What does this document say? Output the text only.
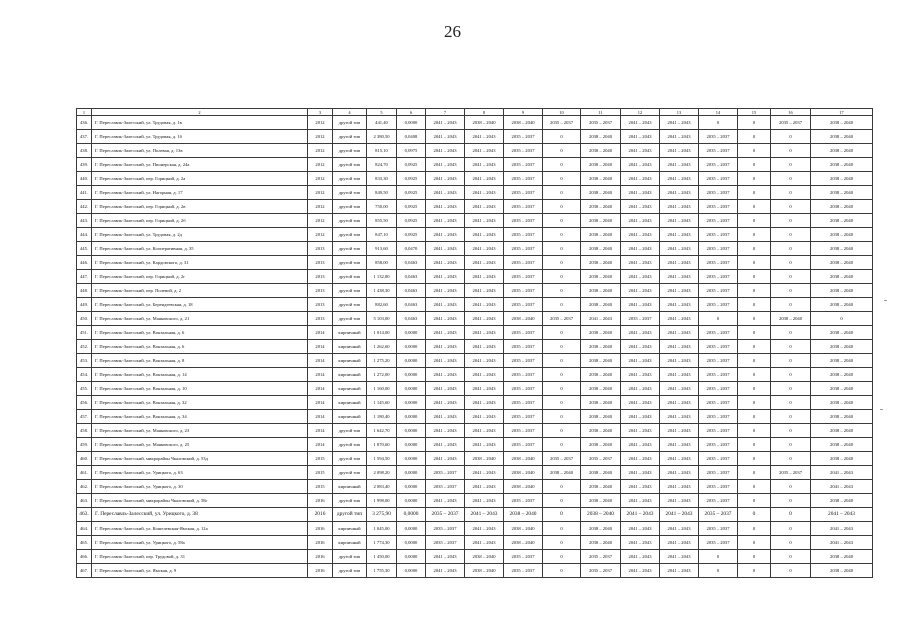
26
1	2	3	4	5	6	7	8	9	10	11	12	13	14	15	16	17
436.	Г. Переславль-Залесский, ул. Трудовая, д. 1в	2012	другой тип	441,40	0,0000	2041 – 2043	2038 – 2040	2038 – 2040	2035 – 2037	2035 – 2037	2041 – 2043	2041 – 2043	0	0	2035 – 2037	2038 – 2040
437.	Г. Переславль-Залесский, ул. Трудовая, д. 1б	2012	другой тип	2 380,50	0,0408	2041 – 2043	2041 – 2043	2035 – 2037	0	2038 – 2040	2041 – 2043	2041 – 2043	2035 – 2037	0	0	2038 – 2040
438.	Г. Переславль-Залесский, ул. Полевая, д. 13в	2012	другой тип	815,10	0,0975	2041 – 2043	2041 – 2043	2035 – 2037	0	2038 – 2040	2041 – 2043	2041 – 2043	2035 – 2037	0	0	2038 – 2040
439.	Г. Переславль-Залесский, ул. Пионерская, д. 24а	2012	другой тип	824,70	0,0925	2041 – 2043	2041 – 2043	2035 – 2037	0	2038 – 2040	2041 – 2043	2041 – 2043	2035 – 2037	0	0	2038 – 2040
440.	Г. Переславль-Залесский, пер. Горицкий, д. 2а	2012	другой тип	833,30	0,0925	2041 – 2043	2041 – 2043	2035 – 2037	0	2038 – 2040	2041 – 2043	2041 – 2043	2035 – 2037	0	0	2038 – 2040
441.	Г. Переславль-Залесский, ул. Нагорная, д. 17	2012	другой тип	849,50	0,0925	2041 – 2043	2041 – 2043	2035 – 2037	0	2038 – 2040	2041 – 2043	2041 – 2043	2035 – 2037	0	0	2038 – 2040
442.	Г. Переславль-Залесский, пер. Горицкий, д. 2в	2012	другой тип	750,00	0,0925	2041 – 2043	2041 – 2043	2035 – 2037	0	2038 – 2040	2041 – 2043	2041 – 2043	2035 – 2037	0	0	2038 – 2040
443.	Г. Переславль-Залесский, пер. Горицкий, д. 2б	2012	другой тип	855,50	0,0925	2041 – 2043	2041 – 2043	2035 – 2037	0	2038 – 2040	2041 – 2043	2041 – 2043	2035 – 2037	0	0	2038 – 2040
444.	Г. Переславль-Залесский, ул. Трудовая, д. 2д	2012	другой тип	847,10	0,0925	2041 – 2043	2041 – 2043	2035 – 2037	0	2038 – 2040	2041 – 2043	2041 – 2043	2035 – 2037	0	0	2038 – 2040
445.	Г. Переславль-Залесский, ул. Кооперативная, д. 35	2013	другой тип	913,60	0,0470	2041 – 2043	2041 – 2043	2035 – 2037	0	2038 – 2040	2041 – 2043	2041 – 2043	2035 – 2037	0	0	2038 – 2040
446.	Г. Переславль-Залесский, ул. Кардовского, д. 31	2013	другой тип	858,00	0,0463	2041 – 2043	2041 – 2043	2035 – 2037	0	2038 – 2040	2041 – 2043	2041 – 2043	2035 – 2037	0	0	2038 – 2040
447.	Г. Переславль-Залесский, пер. Горицкий, д. 2г	2013	другой тип	1 132,80	0,0463	2041 – 2043	2041 – 2043	2035 – 2037	0	2038 – 2040	2041 – 2043	2041 – 2043	2035 – 2037	0	0	2038 – 2040
448.	Г. Переславль-Залесский, пер. Полевой, д. 2	2013	другой тип	1 438,30	0,0463	2041 – 2043	2041 – 2043	2035 – 2037	0	2038 – 2040	2041 – 2043	2041 – 2043	2035 – 2037	0	0	2038 – 2040
449.	Г. Переславль-Залесский, ул. Берендеевская, д. 18	2013	другой тип	882,60	0,0463	2041 – 2043	2041 – 2043	2035 – 2037	0	2038 – 2040	2041 – 2043	2041 – 2043	2035 – 2037	0	0	2038 – 2040
450.	Г. Переславль-Залесский, ул. Маяковского, д. 21	2013	другой тип	5 103,00	0,0463	2041 – 2043	2041 – 2043	2038 – 2040	2035 – 2037	2041 – 2043	2035 – 2037	2041 – 2043	0	0	2038 – 2040	0
451.	Г. Переславль-Залесский, ул. Вокзальная, д. 6	2014	кирпичный	1 014,00	0,0000	2041 – 2043	2041 – 2043	2035 – 2037	0	2038 – 2040	2041 – 2043	2041 – 2043	2035 – 2037	0	0	2038 – 2040
452.	Г. Переславль-Залесский, ул. Вокзальная, д. 6	2014	кирпичный	1 262,60	0,0000	2041 – 2043	2041 – 2043	2035 – 2037	0	2038 – 2040	2041 – 2043	2041 – 2043	2035 – 2037	0	0	2038 – 2040
453.	Г. Переславль-Залесский, ул. Вокзальная, д. 8	2014	кирпичный	1 275,20	0,0000	2041 – 2043	2041 – 2043	2035 – 2037	0	2038 – 2040	2041 – 2043	2041 – 2043	2035 – 2037	0	0	2038 – 2040
454.	Г. Переславль-Залесский, ул. Вокзальная, д. 14	2014	кирпичный	1 272,00	0,0000	2041 – 2043	2041 – 2043	2035 – 2037	0	2038 – 2040	2041 – 2043	2041 – 2043	2035 – 2037	0	0	2038 – 2040
455.	Г. Переславль-Залесский, ул. Вокзальная, д. 10	2014	кирпичный	1 160,00	0,0000	2041 – 2043	2041 – 2043	2035 – 2037	0	2038 – 2040	2041 – 2043	2041 – 2043	2035 – 2037	0	0	2038 – 2040
456.	Г. Переславль-Залесский, ул. Вокзальная, д. 32	2014	кирпичный	1 145,60	0,0000	2041 – 2043	2041 – 2043	2035 – 2037	0	2038 – 2040	2041 – 2043	2041 – 2043	2035 – 2037	0	0	2038 – 2040
457.	Г. Переславль-Залесский, ул. Вокзальная, д. 34	2014	кирпичный	1 180,40	0,0000	2041 – 2043	2041 – 2043	2035 – 2037	0	2038 – 2040	2041 – 2043	2041 – 2043	2035 – 2037	0	0	2038 – 2040
458.	Г. Переславль-Залесский, ул. Маяковского, д. 23	2014	другой тип	1 642,70	0,0000	2041 – 2043	2041 – 2043	2035 – 2037	0	2038 – 2040	2041 – 2043	2041 – 2043	2035 – 2037	0	0	2038 – 2040
459.	Г. Переславль-Залесский, ул. Маяковского, д. 25	2014	другой тип	1 870,60	0,0000	2041 – 2043	2041 – 2043	2035 – 2037	0	2038 – 2040	2041 – 2043	2041 – 2043	2035 – 2037	0	0	2038 – 2040
460.	Г. Переславль-Залесский, микрорайон Чкаловский, д. 53д	2015	другой тип	1 594,50	0,0000	2041 – 2043	2038 – 2040	2038 – 2040	2035 – 2037	2035 – 2037	2041 – 2043	2041 – 2043	2035 – 2037	0	0	2038 – 2040
461.	Г. Переславль-Залесский, ул. Урицкого, д. 63	2015	другой тип	2 098,20	0,0000	2035 – 2037	2041 – 2043	2038 – 2040	2038 – 2040	2038 – 2040	2041 – 2043	2041 – 2043	2035 – 2037	0	2035 – 2037	2041 – 2043
462.	Г. Переславль-Залесский, ул. Урицкого, д. 30	2015	кирпичный	2 083,40	0,0000	2035 – 2037	2041 – 2043	2038 – 2040	0	2038 – 2040	2041 – 2043	2041 – 2043	2035 – 2037	0	0	2041 – 2043
463.	Г. Переславль-Залесский, микрорайон Чкаловский, д. 58г	2016	другой тип	1 998,00	0,0000	2041 – 2043	2041 – 2043	2035 – 2037	0	2038 – 2040	2041 – 2043	2041 – 2043	2035 – 2037	0	0	2038 – 2040
463.	Г. Переславль-Залесский, ул. Урицкого, д. 38	2016	другой тип	3 275,90	0,0000	2035 – 2037	2041 – 2043	2038 – 2040	0	2038 – 2040	2041 – 2043	2041 – 2043	2035 – 2037	0	0	2041 – 2043
464.	Г. Переславль-Залесский, ул. Кошелевская-Ямская, д. 12а	2016	кирпичный	1 045,00	0,0000	2035 – 2037	2041 – 2043	2038 – 2040	0	2038 – 2040	2041 – 2043	2041 – 2043	2035 – 2037	0	0	2041 – 2043
465.	Г. Переславль-Залесский, ул. Урицкого, д. 58а	2016	кирпичный	1 774,30	0,0000	2035 – 2037	2041 – 2043	2038 – 2040	0	2038 – 2040	2041 – 2043	2041 – 2043	2035 – 2037	0	0	2041 – 2043
466.	Г. Переславль-Залесский, пер. Трудовой, д. 31	2016	другой тип	1 450,00	0,0000	2041 – 2043	2038 – 2040	2035 – 2037	0	2035 – 2037	2041 – 2043	2041 – 2043	0	0	0	2038 – 2040
467.	Г. Переславль-Залесский, ул. Ямская, д. 9	2016	другой тип	1 755,30	0,0000	2041 – 2043	2038 – 2040	2035 – 2037	0	2035 – 2037	2041 – 2043	2041 – 2043	0	0	0	2038 – 2040
